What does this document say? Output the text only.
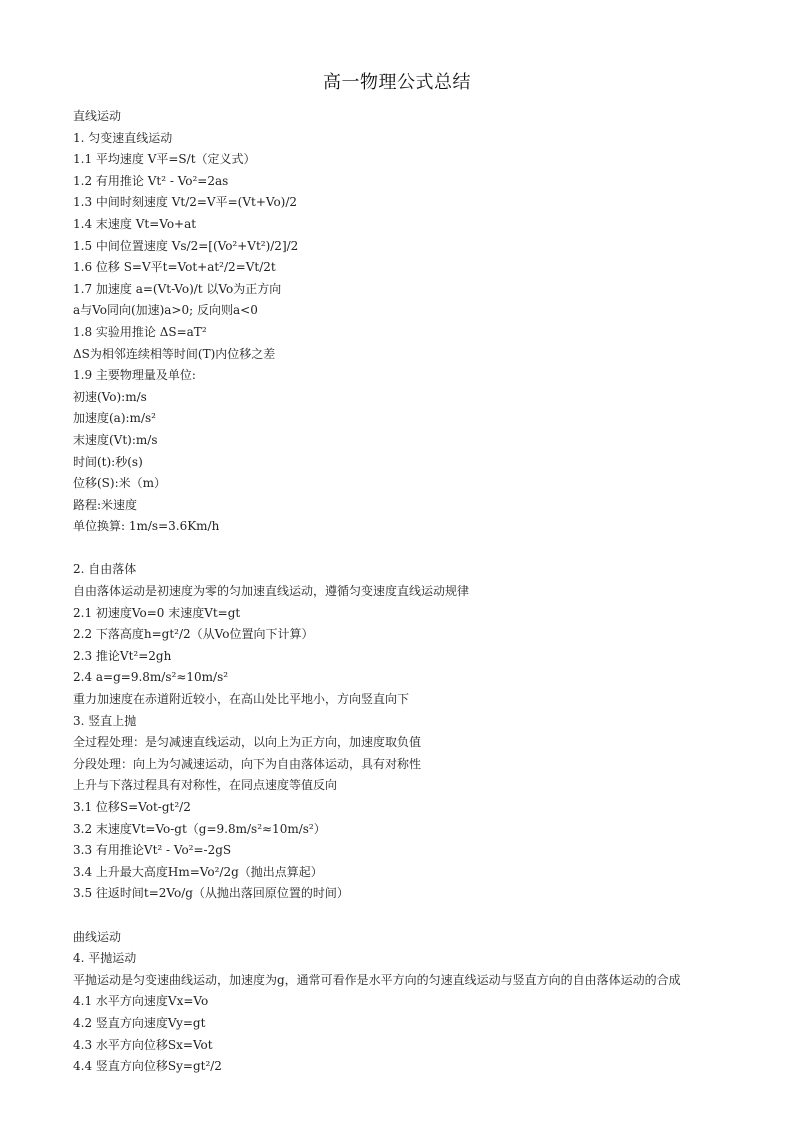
高一物理公式总结
直线运动
1. 匀变速直线运动
1.1 平均速度 V平=S/t（定义式）
1.2 有用推论 Vt² - Vo²=2as
1.3 中间时刻速度 Vt/2=V平=(Vt+Vo)/2
1.4 末速度 Vt=Vo+at
1.5 中间位置速度 Vs/2=[(Vo²+Vt²)/2]/2
1.6 位移 S=V平t=Vot+at²/2=Vt/2t
1.7 加速度 a=(Vt-Vo)/t 以Vo为正方向
a与Vo同向(加速)a>0; 反向则a<0
1.8 实验用推论 ΔS=aT²
ΔS为相邻连续相等时间(T)内位移之差
1.9 主要物理量及单位:
初速(Vo):m/s
加速度(a):m/s²
末速度(Vt):m/s
时间(t):秒(s)
位移(S):米（m）
路程:米速度
单位换算: 1m/s=3.6Km/h
2. 自由落体
自由落体运动是初速度为零的匀加速直线运动，遵循匀变速度直线运动规律
2.1 初速度Vo=0 末速度Vt=gt
2.2 下落高度h=gt²/2（从Vo位置向下计算）
2.3 推论Vt²=2gh
2.4 a=g=9.8m/s²≈10m/s²
重力加速度在赤道附近较小，在高山处比平地小，方向竖直向下
3. 竖直上抛
全过程处理：是匀减速直线运动，以向上为正方向，加速度取负值
分段处理：向上为匀减速运动，向下为自由落体运动，具有对称性
上升与下落过程具有对称性，在同点速度等值反向
3.1 位移S=Vot-gt²/2
3.2 末速度Vt=Vo-gt（g=9.8m/s²≈10m/s²）
3.3 有用推论Vt² - Vo²=-2gS
3.4 上升最大高度Hm=Vo²/2g（抛出点算起）
3.5 往返时间t=2Vo/g（从抛出落回原位置的时间）
曲线运动
4. 平抛运动
平抛运动是匀变速曲线运动，加速度为g，通常可看作是水平方向的匀速直线运动与竖直方向的自由落体运动的合成
4.1 水平方向速度Vx=Vo
4.2 竖直方向速度Vy=gt
4.3 水平方向位移Sx=Vot
4.4 竖直方向位移Sy=gt²/2
